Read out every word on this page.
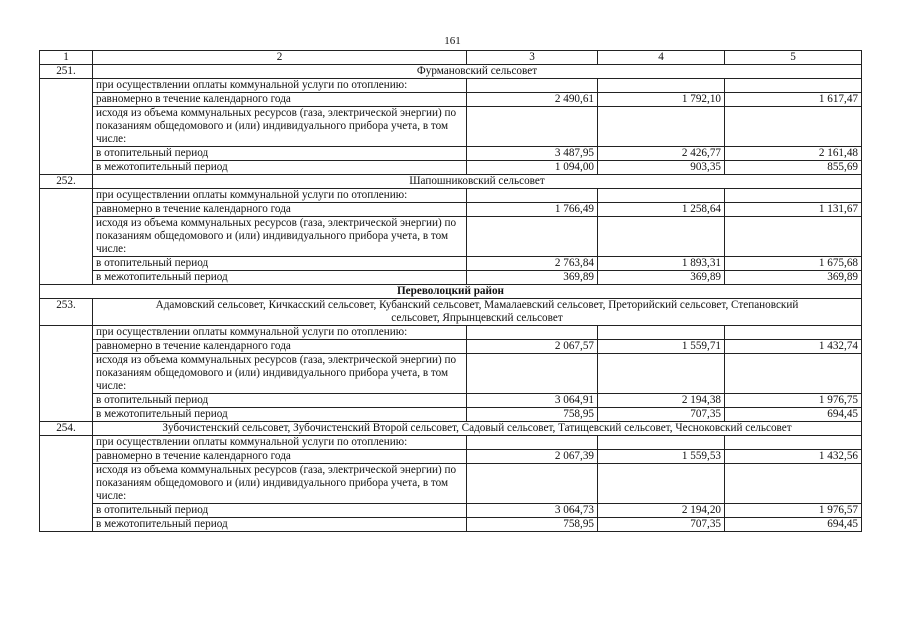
161
1	2	3	4	5
251.	Фурмановский сельсовет			
	при осуществлении оплаты коммунальной услуги по отоплению:			
	равномерно в течение календарного года	2 490,61	1 792,10	1 617,47
	исходя из объема коммунальных ресурсов (газа, электрической энергии) по показаниям общедомового и (или) индивидуального прибора учета, в том числе:			
	в отопительный период	3 487,95	2 426,77	2 161,48
	в межотопительный период	1 094,00	903,35	855,69
252.	Шапошниковский сельсовет			
	при осуществлении оплаты коммунальной услуги по отоплению:			
	равномерно в течение календарного года	1 766,49	1 258,64	1 131,67
	исходя из объема коммунальных ресурсов (газа, электрической энергии) по показаниям общедомового и (или) индивидуального прибора учета, в том числе:			
	в отопительный период	2 763,84	1 893,31	1 675,68
	в межотопительный период	369,89	369,89	369,89
Переволоцкий район				
253.	Адамовский сельсовет, Кичкасский сельсовет, Кубанский сельсовет, Мамалаевский сельсовет, Преторийский сельсовет, Степановский сельсовет, Япрынцевский сельсовет			
	при осуществлении оплаты коммунальной услуги по отоплению:			
	равномерно в течение календарного года	2 067,57	1 559,71	1 432,74
	исходя из объема коммунальных ресурсов (газа, электрической энергии) по показаниям общедомового и (или) индивидуального прибора учета, в том числе:			
	в отопительный период	3 064,91	2 194,38	1 976,75
	в межотопительный период	758,95	707,35	694,45
254.	Зубочистенский сельсовет, Зубочистенский Второй сельсовет, Садовый сельсовет, Татищевский сельсовет, Чесноковский сельсовет			
	при осуществлении оплаты коммунальной услуги по отоплению:			
	равномерно в течение календарного года	2 067,39	1 559,53	1 432,56
	исходя из объема коммунальных ресурсов (газа, электрической энергии) по показаниям общедомового и (или) индивидуального прибора учета, в том числе:			
	в отопительный период	3 064,73	2 194,20	1 976,57
	в межотопительный период	758,95	707,35	694,45
